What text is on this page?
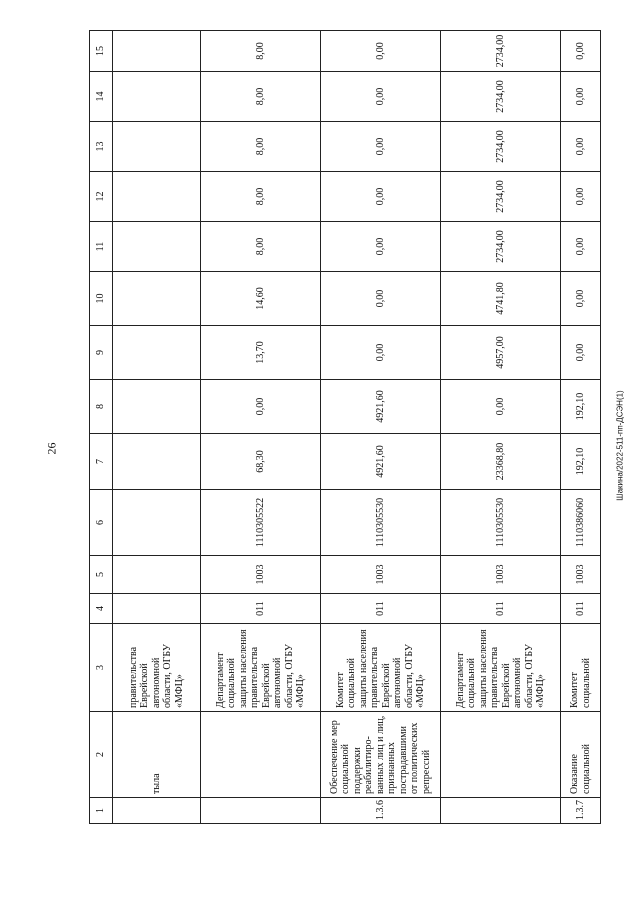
26	Шакина/2022-511-пп-ДСЭН(1)
1	2	3	4	5	6	7	8	9	10	11	12	13	14	15
	тыла	правительства Еврейской автономной области, ОГБУ «МФЦ»												
		Департамент социальной защиты населения правительства Еврейской автономной области, ОГБУ «МФЦ»	011	1003	1110305522	68,30	0,00	13,70	14,60	8,00	8,00	8,00	8,00	8,00
1.3.6	Обеспечение мер социальной поддержки реабилитиро-ванных лиц и лиц, признанных пострадавшими от политических репрессий	Комитет социальной защиты населения правительства Еврейской автономной области, ОГБУ «МФЦ»	011	1003	1110305530	4921,60	4921,60	0,00	0,00	0,00	0,00	0,00	0,00	0,00
		Департамент социальной защиты населения правительства Еврейской автономной области, ОГБУ «МФЦ»	011	1003	1110305530	23368,80	0,00	4957,00	4741,80	2734,00	2734,00	2734,00	2734,00	2734,00
1.3.7	Оказание социальной	Комитет социальной	011	1003	1110386060	192,10	192,10	0,00	0,00	0,00	0,00	0,00	0,00	0,00
